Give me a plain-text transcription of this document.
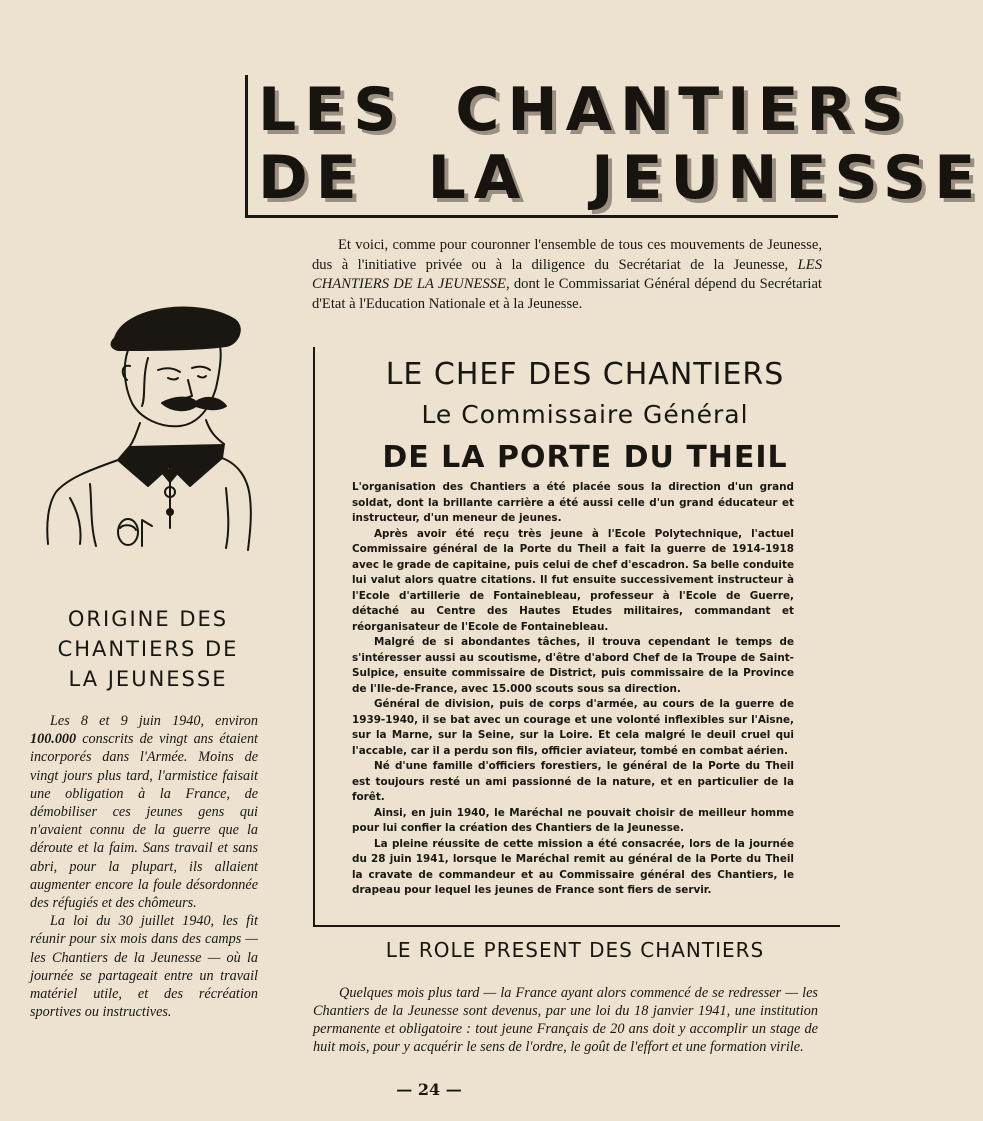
LES CHANTIERS
DE LA JEUNESSE

Et voici, comme pour couronner l'ensemble de tous ces mouvements de Jeunesse, dus à l'initiative privée ou à la diligence du Secrétariat de la Jeunesse, LES CHANTIERS DE LA JEUNESSE, dont le Commissariat Général dépend du Secrétariat d'Etat à l'Education Nationale et à la Jeunesse.

LE CHEF DES CHANTIERS
Le Commissaire Général
DE LA PORTE DU THEIL

L'organisation des Chantiers a été placée sous la direction d'un grand soldat, dont la brillante carrière a été aussi celle d'un grand éducateur et instructeur, d'un meneur de jeunes.

Après avoir été reçu très jeune à l'Ecole Polytechnique, l'actuel Commissaire général de la Porte du Theil a fait la guerre de 1914-1918 avec le grade de capitaine, puis celui de chef d'escadron. Sa belle conduite lui valut alors quatre citations. Il fut ensuite successivement instructeur à l'Ecole d'artillerie de Fontainebleau, professeur à l'Ecole de Guerre, détaché au Centre des Hautes Etudes militaires, commandant et réorganisateur de l'Ecole de Fontainebleau.

Malgré de si abondantes tâches, il trouva cependant le temps de s'intéresser aussi au scoutisme, d'être d'abord Chef de la Troupe de Saint-Sulpice, ensuite commissaire de District, puis commissaire de la Province de l'Ile-de-France, avec 15.000 scouts sous sa direction.

Général de division, puis de corps d'armée, au cours de la guerre de 1939-1940, il se bat avec un courage et une volonté inflexibles sur l'Aisne, sur la Marne, sur la Seine, sur la Loire. Et cela malgré le deuil cruel qui l'accable, car il a perdu son fils, officier aviateur, tombé en combat aérien.

Né d'une famille d'officiers forestiers, le général de la Porte du Theil est toujours resté un ami passionné de la nature, et en particulier de la forêt.

Ainsi, en juin 1940, le Maréchal ne pouvait choisir de meilleur homme pour lui confier la création des Chantiers de la Jeunesse.

La pleine réussite de cette mission a été consacrée, lors de la journée du 28 juin 1941, lorsque le Maréchal remit au général de la Porte du Theil la cravate de commandeur et au Commissaire général des Chantiers, le drapeau pour lequel les jeunes de France sont fiers de servir.

ORIGINE DES
CHANTIERS DE
LA JEUNESSE

Les 8 et 9 juin 1940, environ 100.000 conscrits de vingt ans étaient incorporés dans l'Armée. Moins de vingt jours plus tard, l'armistice faisait une obligation à la France, de démobiliser ces jeunes gens qui n'avaient connu de la guerre que la déroute et la faim. Sans travail et sans abri, pour la plupart, ils allaient augmenter encore la foule désordonnée des réfugiés et des chômeurs.

La loi du 30 juillet 1940, les fit réunir pour six mois dans des camps — les Chantiers de la Jeunesse — où la journée se partageait entre un travail matériel utile, et des récréation sportives ou instructives.

LE ROLE PRESENT DES CHANTIERS

Quelques mois plus tard — la France ayant alors commencé de se redresser — les Chantiers de la Jeunesse sont devenus, par une loi du 18 janvier 1941, une institution permanente et obligatoire : tout jeune Français de 20 ans doit y accomplir un stage de huit mois, pour y acquérir le sens de l'ordre, le goût de l'effort et une formation virile.

— 24 —
